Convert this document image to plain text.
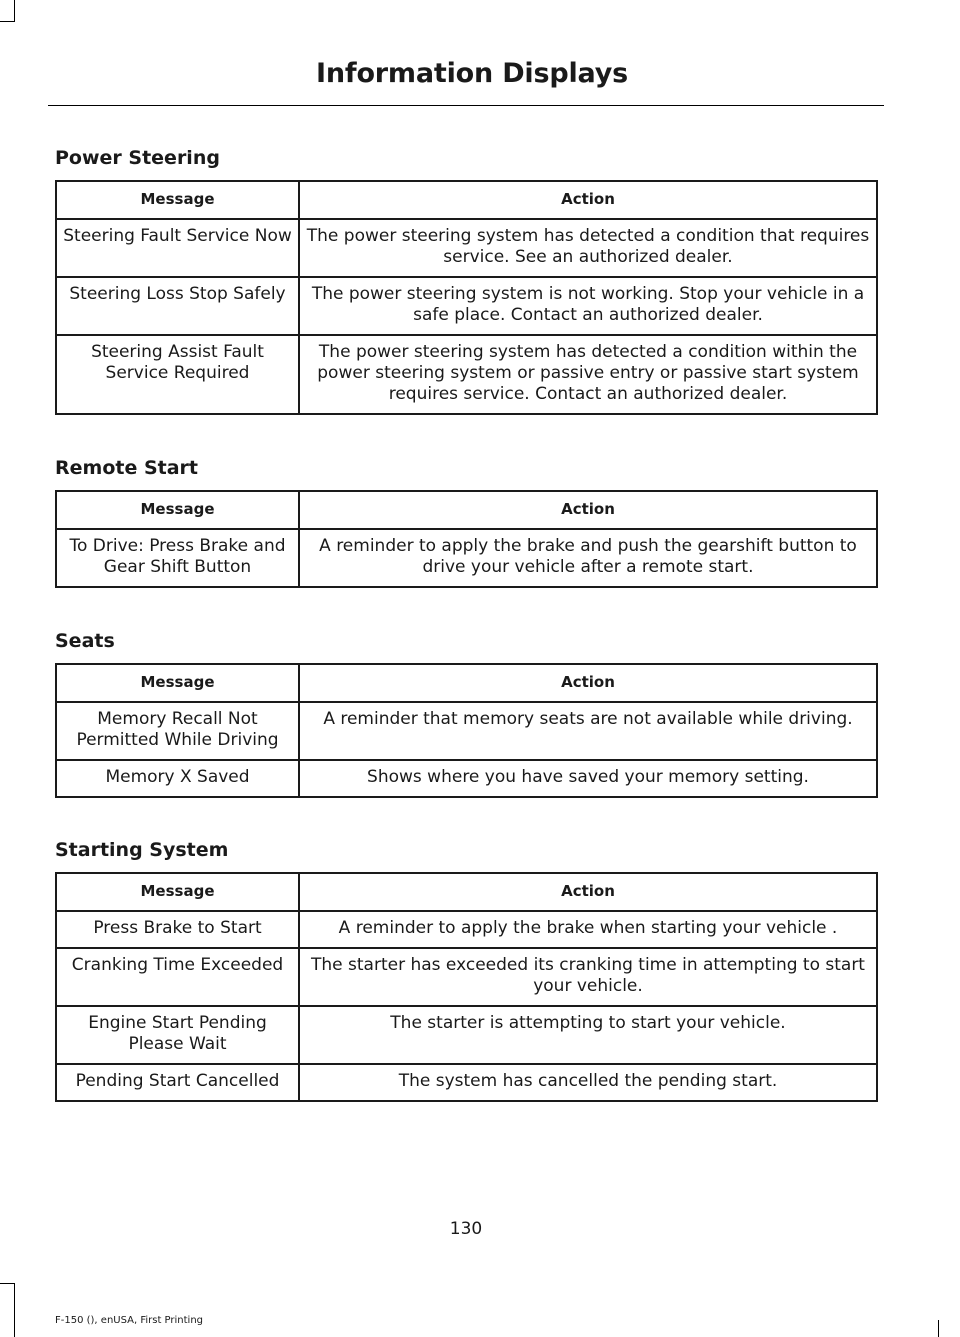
Information Displays
Power Steering
Message	Action
Steering Fault Service Now	The power steering system has detected a condition that requires service. See an authorized dealer.
Steering Loss Stop Safely	The power steering system is not working. Stop your vehicle in a safe place. Contact an authorized dealer.
Steering Assist Fault Service Required	The power steering system has detected a condition within the power steering system or passive entry or passive start system requires service. Contact an authorized dealer.
Remote Start
Message	Action
To Drive: Press Brake and Gear Shift Button	A reminder to apply the brake and push the gearshift button to drive your vehicle after a remote start.
Seats
Message	Action
Memory Recall Not Permitted While Driving	A reminder that memory seats are not available while driving.
Memory X Saved	Shows where you have saved your memory setting.
Starting System
Message	Action
Press Brake to Start	A reminder to apply the brake when starting your vehicle .
Cranking Time Exceeded	The starter has exceeded its cranking time in attempting to start your vehicle.
Engine Start Pending Please Wait	The starter is attempting to start your vehicle.
Pending Start Cancelled	The system has cancelled the pending start.
130
F-150 (), enUSA, First Printing
